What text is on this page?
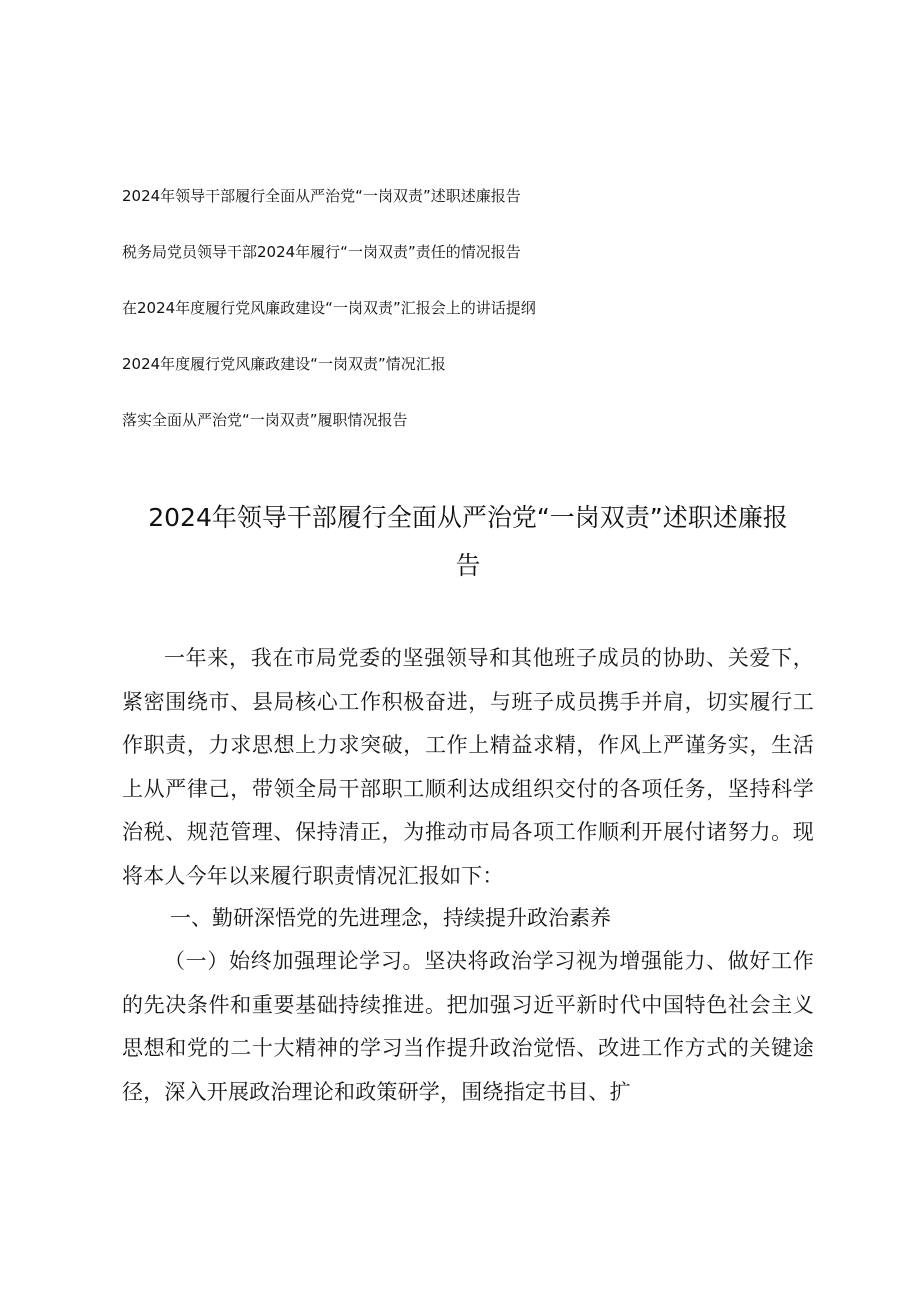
2024年领导干部履行全面从严治党“一岗双责”述职述廉报告
税务局党员领导干部2024年履行“一岗双责”责任的情况报告
在2024年度履行党风廉政建设“一岗双责”汇报会上的讲话提纲
2024年度履行党风廉政建设“一岗双责”情况汇报
落实全面从严治党“一岗双责”履职情况报告
2024年领导干部履行全面从严治党“一岗双责”述职述廉报告
一年来，我在市局党委的坚强领导和其他班子成员的协助、关爱下，紧密围绕市、县局核心工作积极奋进，与班子成员携手并肩，切实履行工作职责，力求思想上力求突破，工作上精益求精，作风上严谨务实，生活上从严律己，带领全局干部职工顺利达成组织交付的各项任务，坚持科学治税、规范管理、保持清正，为推动市局各项工作顺利开展付诸努力。现将本人今年以来履行职责情况汇报如下：
一、勤研深悟党的先进理念，持续提升政治素养
（一）始终加强理论学习。坚决将政治学习视为增强能力、做好工作的先决条件和重要基础持续推进。把加强习近平新时代中国特色社会主义思想和党的二十大精神的学习当作提升政治觉悟、改进工作方式的关键途径，深入开展政治理论和政策研学，围绕指定书目、扩
